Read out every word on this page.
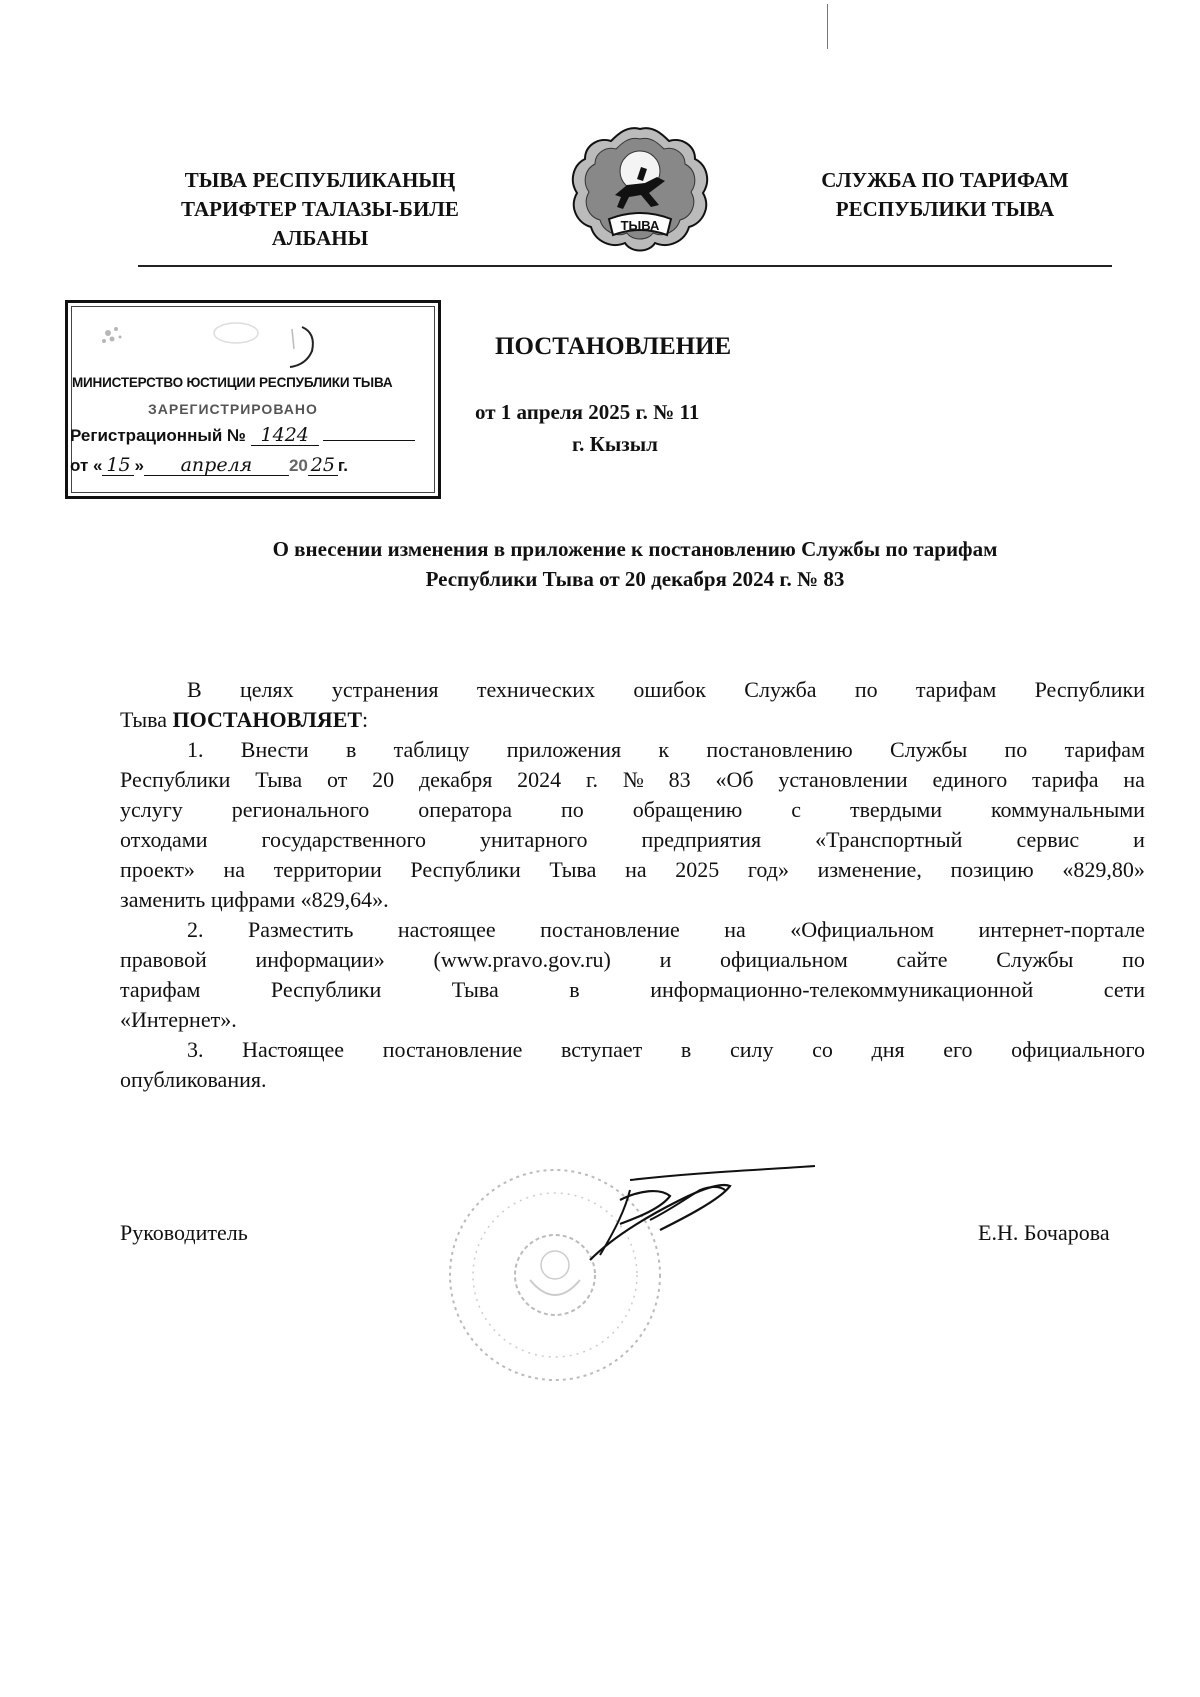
ТЫВА РЕСПУБЛИКАНЫҢ
ТАРИФТЕР ТАЛАЗЫ-БИЛЕ
АЛБАНЫ
ТЫВА
СЛУЖБА ПО ТАРИФАМ
РЕСПУБЛИКИ ТЫВА
МИНИСТЕРСТВО ЮСТИЦИИ РЕСПУБЛИКИ ТЫВА
ЗАРЕГИСТРИРОВАНО
Регистрационный № 1424
от « 15 » апреля 20 25 г.
ПОСТАНОВЛЕНИЕ
от 1 апреля 2025 г. № 11
г. Кызыл
О внесении изменения в приложение к постановлению Службы по тарифам
Республики Тыва от 20 декабря 2024 г. № 83
В целях устранения технических ошибок Служба по тарифам Республики
Тыва ПОСТАНОВЛЯЕТ:
1. Внести в таблицу приложения к постановлению Службы по тарифам
Республики Тыва от 20 декабря 2024 г. № 83 «Об установлении единого тарифа на
услугу регионального оператора по обращению с твердыми коммунальными
отходами государственного унитарного предприятия «Транспортный сервис и
проект» на территории Республики Тыва на 2025 год» изменение, позицию «829,80»
заменить цифрами «829,64».
2. Разместить настоящее постановление на «Официальном интернет-портале
правовой информации» (www.pravo.gov.ru) и официальном сайте Службы по
тарифам	Республики	Тыва	в	информационно-телекоммуникационной	сети
«Интернет».
3. Настоящее постановление вступает в силу со дня его официального
опубликования.
Руководитель	Е.Н. Бочарова
